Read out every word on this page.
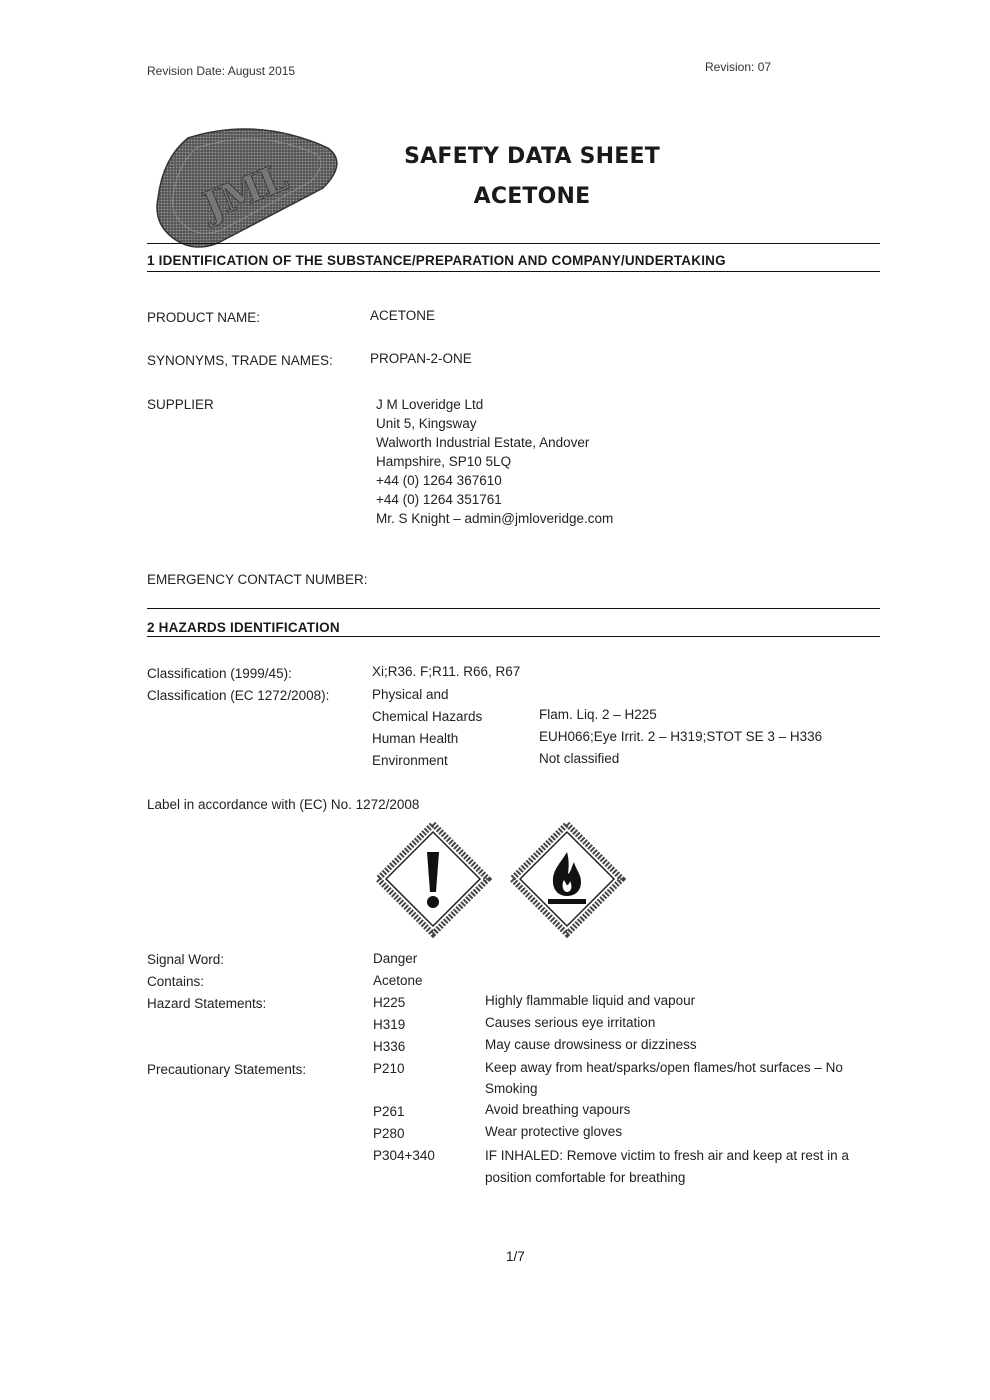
Revision Date: August 2015	Revision: 07
JML	SAFETY DATA SHEET
ACETONE
1 IDENTIFICATION OF THE SUBSTANCE/PREPARATION AND COMPANY/UNDERTAKING
PRODUCT NAME:	ACETONE
SYNONYMS, TRADE NAMES:	PROPAN-2-ONE
SUPPLIER	J M Loveridge Ltd
Unit 5, Kingsway
Walworth Industrial Estate, Andover
Hampshire, SP10 5LQ
+44 (0) 1264 367610
+44 (0) 1264 351761
Mr. S Knight – admin@jmloveridge.com
EMERGENCY CONTACT NUMBER:
2 HAZARDS IDENTIFICATION
Classification (1999/45):	Xi;R36. F;R11. R66, R67
Classification (EC 1272/2008):	Physical and
Chemical Hazards	Flam. Liq. 2 – H225
Human Health	EUH066;Eye Irrit. 2 – H319;STOT SE 3 – H336
Environment	Not classified
Label in accordance with (EC) No. 1272/2008
Signal Word:	Danger
Contains:	Acetone
Hazard Statements:	H225	Highly flammable liquid and vapour
H319	Causes serious eye irritation
H336	May cause drowsiness or dizziness
Precautionary Statements:	P210	Keep away from heat/sparks/open flames/hot surfaces – No Smoking
P261	Avoid breathing vapours
P280	Wear protective gloves
P304+340	IF INHALED: Remove victim to fresh air and keep at rest in a position comfortable for breathing
1/7
